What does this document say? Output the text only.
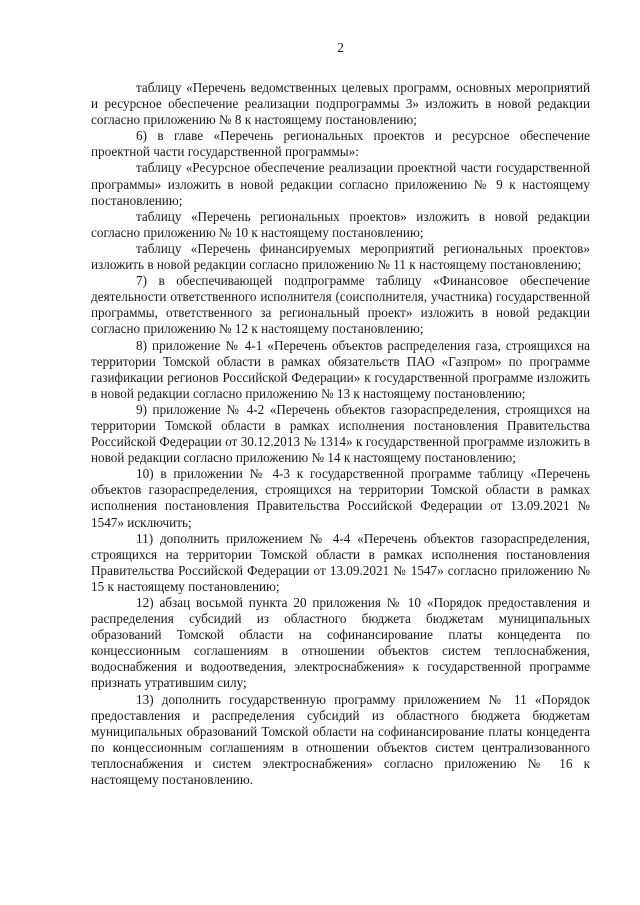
2

таблицу «Перечень ведомственных целевых программ, основных мероприятий и ресурсное обеспечение реализации подпрограммы 3» изложить в новой редакции согласно приложению № 8 к настоящему постановлению;

6) в главе «Перечень региональных проектов и ресурсное обеспечение проектной части государственной программы»:

таблицу «Ресурсное обеспечение реализации проектной части государственной программы» изложить в новой редакции согласно приложению № 9 к настоящему постановлению;

таблицу «Перечень региональных проектов» изложить в новой редакции согласно приложению № 10 к настоящему постановлению;

таблицу «Перечень финансируемых мероприятий региональных проектов» изложить в новой редакции согласно приложению № 11 к настоящему постановлению;

7) в обеспечивающей подпрограмме таблицу «Финансовое обеспечение деятельности ответственного исполнителя (соисполнителя, участника) государственной программы, ответственного за региональный проект» изложить в новой редакции согласно приложению № 12 к настоящему постановлению;

8) приложение № 4-1 «Перечень объектов распределения газа, строящихся на территории Томской области в рамках обязательств ПАО «Газпром» по программе газификации регионов Российской Федерации» к государственной программе изложить в новой редакции согласно приложению № 13 к настоящему постановлению;

9) приложение № 4-2 «Перечень объектов газораспределения, строящихся на территории Томской области в рамках исполнения постановления Правительства Российской Федерации от 30.12.2013 № 1314» к государственной программе изложить в новой редакции согласно приложению № 14 к настоящему постановлению;

10) в приложении № 4-3 к государственной программе таблицу «Перечень объектов газораспределения, строящихся на территории Томской области в рамках исполнения постановления Правительства Российской Федерации от 13.09.2021 № 1547» исключить;

11) дополнить приложением № 4-4 «Перечень объектов газораспределения, строящихся на территории Томской области в рамках исполнения постановления Правительства Российской Федерации от 13.09.2021 № 1547» согласно приложению № 15 к настоящему постановлению;

12) абзац восьмой пункта 20 приложения № 10 «Порядок предоставления и распределения субсидий из областного бюджета бюджетам муниципальных образований Томской области на софинансирование платы концедента по концессионным соглашениям в отношении объектов систем теплоснабжения, водоснабжения и водоотведения, электроснабжения» к государственной программе признать утратившим силу;

13) дополнить государственную программу приложением № 11 «Порядок предоставления и распределения субсидий из областного бюджета бюджетам муниципальных образований Томской области на софинансирование платы концедента по концессионным соглашениям в отношении объектов систем централизованного теплоснабжения и систем электроснабжения» согласно приложению № 16 к настоящему постановлению.
